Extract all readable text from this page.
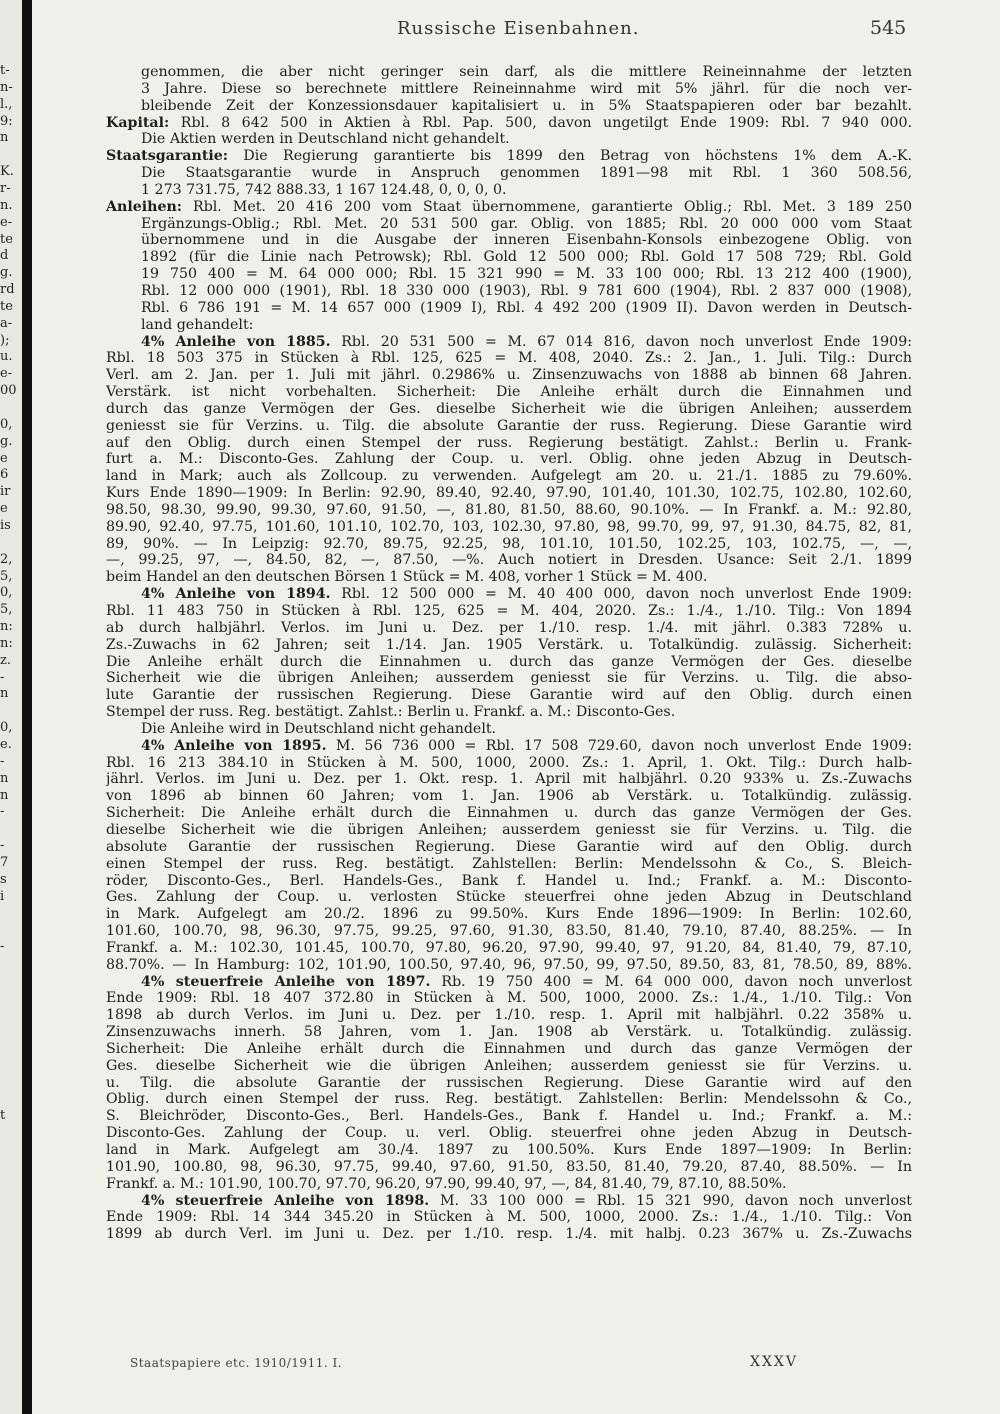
t-
n-
l.,
9:
n
K.
r-
n.
e-
te
d
g.
rd
te
a-
);
u.
e-
00
0,
g.
e
6
ir
e
is
2,
5,
0,
5,
n:
n:
z.
-
n
0,
e.
-
n
n
-
-
7
s
i
-
t
Russische Eisenbahnen.	545
genommen, die aber nicht geringer sein darf, als die mittlere Reineinnahme der letzten
3 Jahre. Diese so berechnete mittlere Reineinnahme wird mit 5% jährl. für die noch ver-
bleibende Zeit der Konzessionsdauer kapitalisiert u. in 5% Staatspapieren oder bar bezahlt.
Kapital: Rbl. 8 642 500 in Aktien à Rbl. Pap. 500, davon ungetilgt Ende 1909: Rbl. 7 940 000.
Die Aktien werden in Deutschland nicht gehandelt.
Staatsgarantie: Die Regierung garantierte bis 1899 den Betrag von höchstens 1% dem A.-K.
Die Staatsgarantie wurde in Anspruch genommen 1891—98 mit Rbl. 1 360 508.56,
1 273 731.75, 742 888.33, 1 167 124.48, 0, 0, 0, 0.
Anleihen: Rbl. Met. 20 416 200 vom Staat übernommene, garantierte Oblig.; Rbl. Met. 3 189 250
Ergänzungs-Oblig.; Rbl. Met. 20 531 500 gar. Oblig. von 1885; Rbl. 20 000 000 vom Staat
übernommene und in die Ausgabe der inneren Eisenbahn-Konsols einbezogene Oblig. von
1892 (für die Linie nach Petrowsk); Rbl. Gold 12 500 000; Rbl. Gold 17 508 729; Rbl. Gold
19 750 400 = M. 64 000 000; Rbl. 15 321 990 = M. 33 100 000; Rbl. 13 212 400 (1900),
Rbl. 12 000 000 (1901), Rbl. 18 330 000 (1903), Rbl. 9 781 600 (1904), Rbl. 2 837 000 (1908),
Rbl. 6 786 191 = M. 14 657 000 (1909 I), Rbl. 4 492 200 (1909 II). Davon werden in Deutsch-
land gehandelt:
4% Anleihe von 1885. Rbl. 20 531 500 = M. 67 014 816, davon noch unverlost Ende 1909:
Rbl. 18 503 375 in Stücken à Rbl. 125, 625 = M. 408, 2040. Zs.: 2. Jan., 1. Juli. Tilg.: Durch
Verl. am 2. Jan. per 1. Juli mit jährl. 0.2986% u. Zinsenzuwachs von 1888 ab binnen 68 Jahren.
Verstärk. ist nicht vorbehalten. Sicherheit: Die Anleihe erhält durch die Einnahmen und
durch das ganze Vermögen der Ges. dieselbe Sicherheit wie die übrigen Anleihen; ausserdem
geniesst sie für Verzins. u. Tilg. die absolute Garantie der russ. Regierung. Diese Garantie wird
auf den Oblig. durch einen Stempel der russ. Regierung bestätigt. Zahlst.: Berlin u. Frank-
furt a. M.: Disconto-Ges. Zahlung der Coup. u. verl. Oblig. ohne jeden Abzug in Deutsch-
land in Mark; auch als Zollcoup. zu verwenden. Aufgelegt am 20. u. 21./1. 1885 zu 79.60%.
Kurs Ende 1890—1909: In Berlin: 92.90, 89.40, 92.40, 97.90, 101.40, 101.30, 102.75, 102.80, 102.60,
98.50, 98.30, 99.90, 99.30, 97.60, 91.50, —, 81.80, 81.50, 88.60, 90.10%. — In Frankf. a. M.: 92.80,
89.90, 92.40, 97.75, 101.60, 101.10, 102.70, 103, 102.30, 97.80, 98, 99.70, 99, 97, 91.30, 84.75, 82, 81,
89, 90%. — In Leipzig: 92.70, 89.75, 92.25, 98, 101.10, 101.50, 102.25, 103, 102.75, —, —,
—, 99.25, 97, —, 84.50, 82, —, 87.50, —%. Auch notiert in Dresden. Usance: Seit 2./1. 1899
beim Handel an den deutschen Börsen 1 Stück = M. 408, vorher 1 Stück = M. 400.
4% Anleihe von 1894. Rbl. 12 500 000 = M. 40 400 000, davon noch unverlost Ende 1909:
Rbl. 11 483 750 in Stücken à Rbl. 125, 625 = M. 404, 2020. Zs.: 1./4., 1./10. Tilg.: Von 1894
ab durch halbjährl. Verlos. im Juni u. Dez. per 1./10. resp. 1./4. mit jährl. 0.383 728% u.
Zs.-Zuwachs in 62 Jahren; seit 1./14. Jan. 1905 Verstärk. u. Totalkündig. zulässig. Sicherheit:
Die Anleihe erhält durch die Einnahmen u. durch das ganze Vermögen der Ges. dieselbe
Sicherheit wie die übrigen Anleihen; ausserdem geniesst sie für Verzins. u. Tilg. die abso-
lute Garantie der russischen Regierung. Diese Garantie wird auf den Oblig. durch einen
Stempel der russ. Reg. bestätigt. Zahlst.: Berlin u. Frankf. a. M.: Disconto-Ges.
Die Anleihe wird in Deutschland nicht gehandelt.
4% Anleihe von 1895. M. 56 736 000 = Rbl. 17 508 729.60, davon noch unverlost Ende 1909:
Rbl. 16 213 384.10 in Stücken à M. 500, 1000, 2000. Zs.: 1. April, 1. Okt. Tilg.: Durch halb-
jährl. Verlos. im Juni u. Dez. per 1. Okt. resp. 1. April mit halbjährl. 0.20 933% u. Zs.-Zuwachs
von 1896 ab binnen 60 Jahren; vom 1. Jan. 1906 ab Verstärk. u. Totalkündig. zulässig.
Sicherheit: Die Anleihe erhält durch die Einnahmen u. durch das ganze Vermögen der Ges.
dieselbe Sicherheit wie die übrigen Anleihen; ausserdem geniesst sie für Verzins. u. Tilg. die
absolute Garantie der russischen Regierung. Diese Garantie wird auf den Oblig. durch
einen Stempel der russ. Reg. bestätigt. Zahlstellen: Berlin: Mendelssohn & Co., S. Bleich-
röder, Disconto-Ges., Berl. Handels-Ges., Bank f. Handel u. Ind.; Frankf. a. M.: Disconto-
Ges. Zahlung der Coup. u. verlosten Stücke steuerfrei ohne jeden Abzug in Deutschland
in Mark. Aufgelegt am 20./2. 1896 zu 99.50%. Kurs Ende 1896—1909: In Berlin: 102.60,
101.60, 100.70, 98, 96.30, 97.75, 99.25, 97.60, 91.30, 83.50, 81.40, 79.10, 87.40, 88.25%. — In
Frankf. a. M.: 102.30, 101.45, 100.70, 97.80, 96.20, 97.90, 99.40, 97, 91.20, 84, 81.40, 79, 87.10,
88.70%. — In Hamburg: 102, 101.90, 100.50, 97.40, 96, 97.50, 99, 97.50, 89.50, 83, 81, 78.50, 89, 88%.
4% steuerfreie Anleihe von 1897. Rb. 19 750 400 = M. 64 000 000, davon noch unverlost
Ende 1909: Rbl. 18 407 372.80 in Stücken à M. 500, 1000, 2000. Zs.: 1./4., 1./10. Tilg.: Von
1898 ab durch Verlos. im Juni u. Dez. per 1./10. resp. 1. April mit halbjährl. 0.22 358% u.
Zinsenzuwachs innerh. 58 Jahren, vom 1. Jan. 1908 ab Verstärk. u. Totalkündig. zulässig.
Sicherheit: Die Anleihe erhält durch die Einnahmen und durch das ganze Vermögen der
Ges. dieselbe Sicherheit wie die übrigen Anleihen; ausserdem geniesst sie für Verzins. u.
u. Tilg. die absolute Garantie der russischen Regierung. Diese Garantie wird auf den
Oblig. durch einen Stempel der russ. Reg. bestätigt. Zahlstellen: Berlin: Mendelssohn & Co.,
S. Bleichröder, Disconto-Ges., Berl. Handels-Ges., Bank f. Handel u. Ind.; Frankf. a. M.:
Disconto-Ges. Zahlung der Coup. u. verl. Oblig. steuerfrei ohne jeden Abzug in Deutsch-
land in Mark. Aufgelegt am 30./4. 1897 zu 100.50%. Kurs Ende 1897—1909: In Berlin:
101.90, 100.80, 98, 96.30, 97.75, 99.40, 97.60, 91.50, 83.50, 81.40, 79.20, 87.40, 88.50%. — In
Frankf. a. M.: 101.90, 100.70, 97.70, 96.20, 97.90, 99.40, 97, —, 84, 81.40, 79, 87.10, 88.50%.
4% steuerfreie Anleihe von 1898. M. 33 100 000 = Rbl. 15 321 990, davon noch unverlost
Ende 1909: Rbl. 14 344 345.20 in Stücken à M. 500, 1000, 2000. Zs.: 1./4., 1./10. Tilg.: Von
1899 ab durch Verl. im Juni u. Dez. per 1./10. resp. 1./4. mit halbj. 0.23 367% u. Zs.-Zuwachs
Staatspapiere etc. 1910/1911. I.	XXXV
